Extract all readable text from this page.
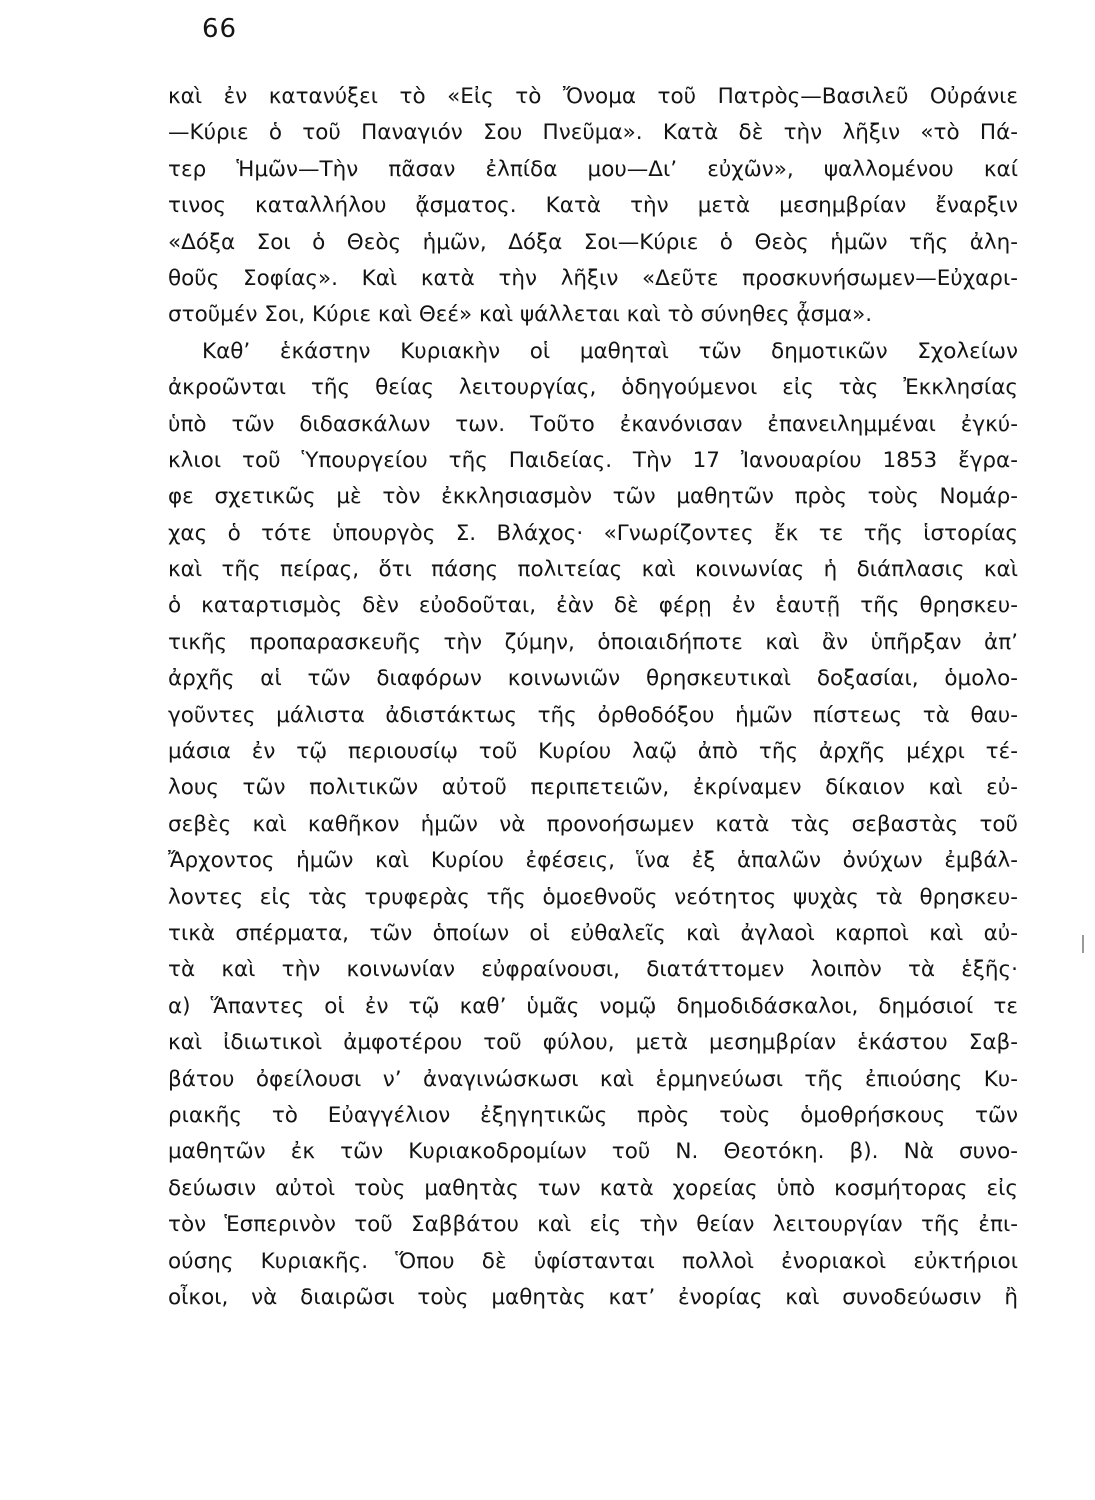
66
καὶ ἐν κατανύξει τὸ «Εἰς τὸ Ὄνομα τοῦ Πατρὸς—Βασιλεῦ Οὐράνιε
—Κύριε ὁ τοῦ Παναγιόν Σου Πνεῦμα». Κατὰ δὲ τὴν λῆξιν «τὸ Πά-
τερ Ἡμῶν—Τὴν πᾶσαν ἐλπίδα μου—Δι’ εὐχῶν», ψαλλομένου καί
τινος καταλλήλου ᾄσματος. Κατὰ τὴν μετὰ μεσημβρίαν ἔναρξιν
«Δόξα Σοι ὁ Θεὸς ἡμῶν, Δόξα Σοι—Κύριε ὁ Θεὸς ἡμῶν τῆς ἀλη-
θοῦς Σοφίας». Καὶ κατὰ τὴν λῆξιν «Δεῦτε προσκυνήσωμεν—Εὐχαρι-
στοῦμέν Σοι, Κύριε καὶ Θεέ» καὶ ψάλλεται καὶ τὸ σύνηθες ᾆσμα».
Καθ’ ἑκάστην Κυριακὴν οἱ μαθηταὶ τῶν δημοτικῶν Σχολείων
ἀκροῶνται τῆς θείας λειτουργίας, ὁδηγούμενοι εἰς τὰς Ἐκκλησίας
ὑπὸ τῶν διδασκάλων των. Τοῦτο ἐκανόνισαν ἐπανειλημμέναι ἐγκύ-
κλιοι τοῦ Ὑπουργείου τῆς Παιδείας. Τὴν 17 Ἰανουαρίου 1853 ἔγρα-
φε σχετικῶς μὲ τὸν ἐκκλησιασμὸν τῶν μαθητῶν πρὸς τοὺς Νομάρ-
χας ὁ τότε ὑπουργὸς Σ. Βλάχος· «Γνωρίζοντες ἔκ τε τῆς ἱστορίας
καὶ τῆς πείρας, ὅτι πάσης πολιτείας καὶ κοινωνίας ἡ διάπλασις καὶ
ὁ καταρτισμὸς δὲν εὐοδοῦται, ἐὰν δὲ φέρῃ ἐν ἑαυτῇ τῆς θρησκευ-
τικῆς προπαρασκευῆς τὴν ζύμην, ὁποιαιδήποτε καὶ ἂν ὑπῆρξαν ἀπ’
ἀρχῆς αἱ τῶν διαφόρων κοινωνιῶν θρησκευτικαὶ δοξασίαι, ὁμολο-
γοῦντες μάλιστα ἀδιστάκτως τῆς ὀρθοδόξου ἡμῶν πίστεως τὰ θαυ-
μάσια ἐν τῷ περιουσίῳ τοῦ Κυρίου λαῷ ἀπὸ τῆς ἀρχῆς μέχρι τέ-
λους τῶν πολιτικῶν αὐτοῦ περιπετειῶν, ἐκρίναμεν δίκαιον καὶ εὐ-
σεβὲς καὶ καθῆκον ἡμῶν νὰ προνοήσωμεν κατὰ τὰς σεβαστὰς τοῦ
Ἄρχοντος ἡμῶν καὶ Κυρίου ἐφέσεις, ἵνα ἐξ ἁπαλῶν ὀνύχων ἐμβάλ-
λοντες εἰς τὰς τρυφερὰς τῆς ὁμοεθνοῦς νεότητος ψυχὰς τὰ θρησκευ-
τικὰ σπέρματα, τῶν ὁποίων οἱ εὐθαλεῖς καὶ ἀγλαοὶ καρποὶ καὶ αὐ-
τὰ καὶ τὴν κοινωνίαν εὐφραίνουσι, διατάττομεν λοιπὸν τὰ ἑξῆς·
α) Ἅπαντες οἱ ἐν τῷ καθ’ ὑμᾶς νομῷ δημοδιδάσκαλοι, δημόσιοί τε
καὶ ἰδιωτικοὶ ἀμφοτέρου τοῦ φύλου, μετὰ μεσημβρίαν ἑκάστου Σαβ-
βάτου ὀφείλουσι ν’ ἀναγινώσκωσι καὶ ἑρμηνεύωσι τῆς ἐπιούσης Κυ-
ριακῆς τὸ Εὐαγγέλιον ἐξηγητικῶς πρὸς τοὺς ὁμοθρήσκους τῶν
μαθητῶν ἐκ τῶν Κυριακοδρομίων τοῦ Ν. Θεοτόκη. β). Νὰ συνο-
δεύωσιν αὐτοὶ τοὺς μαθητὰς των κατὰ χορείας ὑπὸ κοσμήτορας εἰς
τὸν Ἑσπερινὸν τοῦ Σαββάτου καὶ εἰς τὴν θείαν λειτουργίαν τῆς ἐπι-
ούσης Κυριακῆς. Ὅπου δὲ ὑφίστανται πολλοὶ ἐνοριακοὶ εὐκτήριοι
οἶκοι, νὰ διαιρῶσι τοὺς μαθητὰς κατ’ ἐνορίας καὶ συνοδεύωσιν ἢ
